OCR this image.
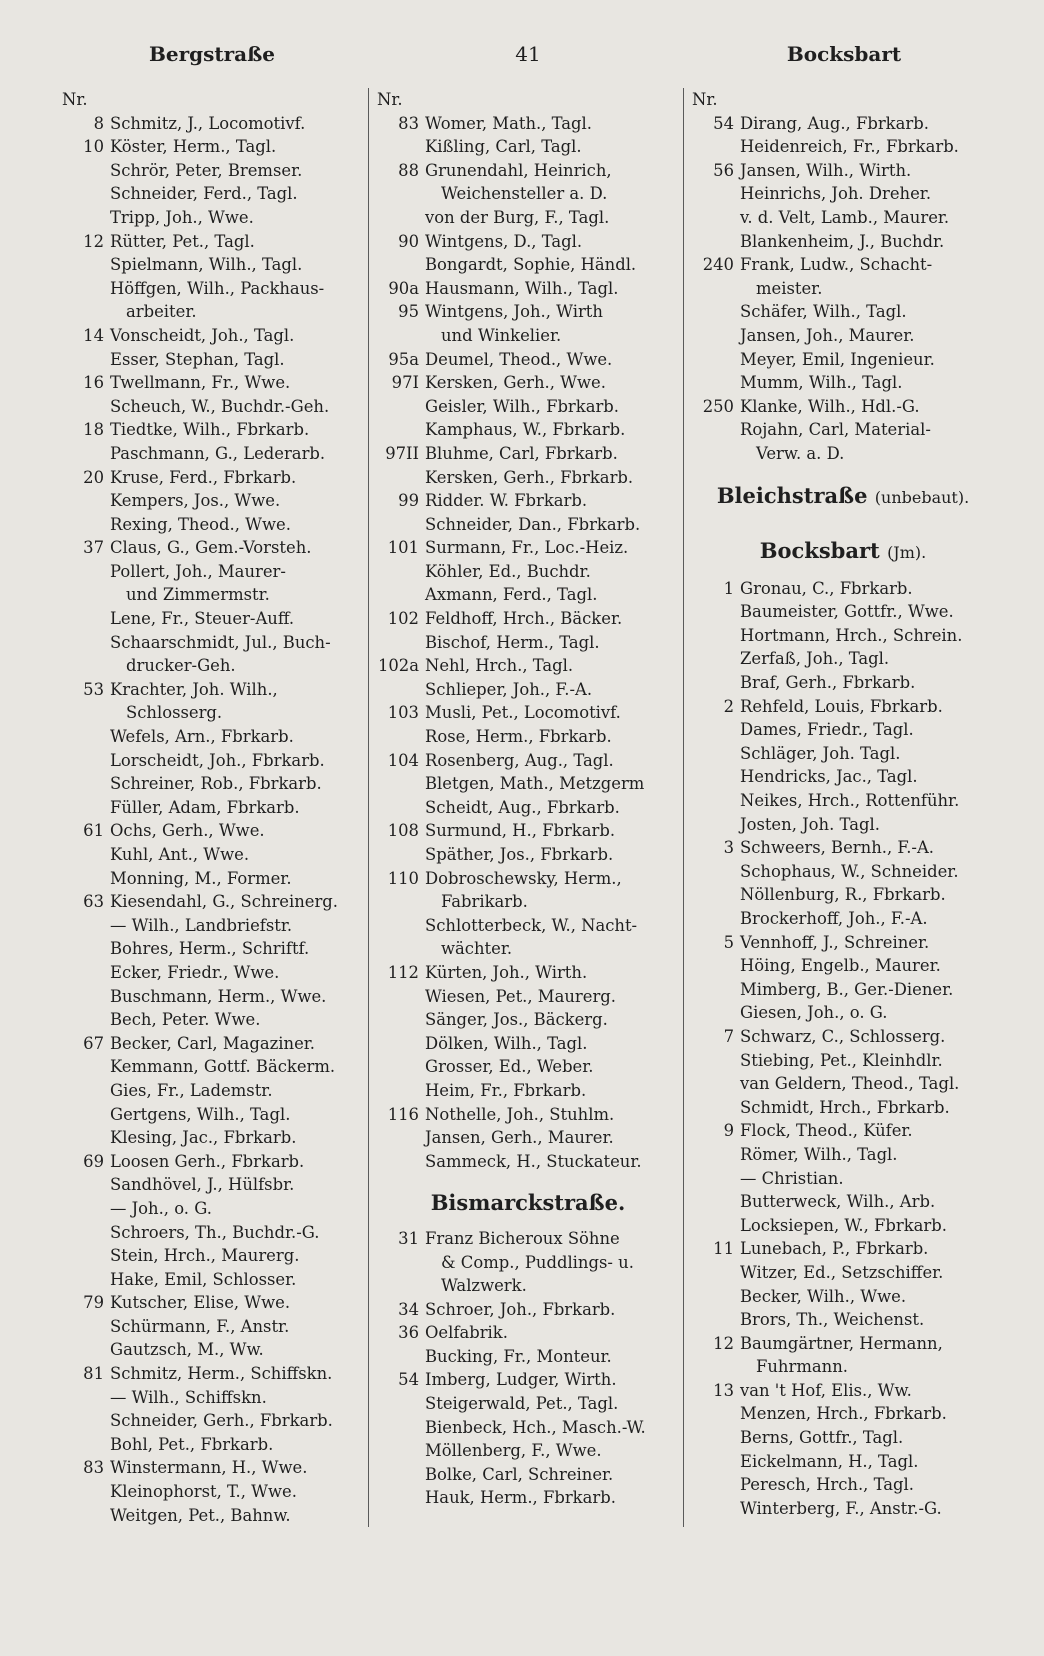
Bergstraße	41	Bocksbart
Nr.
8 Schmitz, J., Locomotivf.
10 Köster, Herm., Tagl.
Schrör, Peter, Bremser.
Schneider, Ferd., Tagl.
Tripp, Joh., Wwe.
12 Rütter, Pet., Tagl.
Spielmann, Wilh., Tagl.
Höffgen, Wilh., Packhaus-
arbeiter.
14 Vonscheidt, Joh., Tagl.
Esser, Stephan, Tagl.
16 Twellmann, Fr., Wwe.
Scheuch, W., Buchdr.-Geh.
18 Tiedtke, Wilh., Fbrkarb.
Paschmann, G., Lederarb.
20 Kruse, Ferd., Fbrkarb.
Kempers, Jos., Wwe.
Rexing, Theod., Wwe.
37 Claus, G., Gem.-Vorsteh.
Pollert, Joh., Maurer-
und Zimmermstr.
Lene, Fr., Steuer-Auff.
Schaarschmidt, Jul., Buch-
drucker-Geh.
53 Krachter, Joh. Wilh.,
Schlosserg.
Wefels, Arn., Fbrkarb.
Lorscheidt, Joh., Fbrkarb.
Schreiner, Rob., Fbrkarb.
Füller, Adam, Fbrkarb.
61 Ochs, Gerh., Wwe.
Kuhl, Ant., Wwe.
Monning, M., Former.
63 Kiesendahl, G., Schreinerg.
— Wilh., Landbriefstr.
Bohres, Herm., Schriftf.
Ecker, Friedr., Wwe.
Buschmann, Herm., Wwe.
Bech, Peter. Wwe.
67 Becker, Carl, Magaziner.
Kemmann, Gottf. Bäckerm.
Gies, Fr., Lademstr.
Gertgens, Wilh., Tagl.
Klesing, Jac., Fbrkarb.
69 Loosen Gerh., Fbrkarb.
Sandhövel, J., Hülfsbr.
— Joh., o. G.
Schroers, Th., Buchdr.-G.
Stein, Hrch., Maurerg.
Hake, Emil, Schlosser.
79 Kutscher, Elise, Wwe.
Schürmann, F., Anstr.
Gautzsch, M., Ww.
81 Schmitz, Herm., Schiffskn.
— Wilh., Schiffskn.
Schneider, Gerh., Fbrkarb.
Bohl, Pet., Fbrkarb.
83 Winstermann, H., Wwe.
Kleinophorst, T., Wwe.
Weitgen, Pet., Bahnw.
Nr.
83 Womer, Math., Tagl.
Kißling, Carl, Tagl.
88 Grunendahl, Heinrich,
Weichensteller a. D.
von der Burg, F., Tagl.
90 Wintgens, D., Tagl.
Bongardt, Sophie, Händl.
90a Hausmann, Wilh., Tagl.
95 Wintgens, Joh., Wirth
und Winkelier.
95a Deumel, Theod., Wwe.
97I Kersken, Gerh., Wwe.
Geisler, Wilh., Fbrkarb.
Kamphaus, W., Fbrkarb.
97II Bluhme, Carl, Fbrkarb.
Kersken, Gerh., Fbrkarb.
99 Ridder. W. Fbrkarb.
Schneider, Dan., Fbrkarb.
101 Surmann, Fr., Loc.-Heiz.
Köhler, Ed., Buchdr.
Axmann, Ferd., Tagl.
102 Feldhoff, Hrch., Bäcker.
Bischof, Herm., Tagl.
102a Nehl, Hrch., Tagl.
Schlieper, Joh., F.-A.
103 Musli, Pet., Locomotivf.
Rose, Herm., Fbrkarb.
104 Rosenberg, Aug., Tagl.
Bletgen, Math., Metzgerm
Scheidt, Aug., Fbrkarb.
108 Surmund, H., Fbrkarb.
Späther, Jos., Fbrkarb.
110 Dobroschewsky, Herm.,
Fabrikarb.
Schlotterbeck, W., Nacht-
wächter.
112 Kürten, Joh., Wirth.
Wiesen, Pet., Maurerg.
Sänger, Jos., Bäckerg.
Dölken, Wilh., Tagl.
Grosser, Ed., Weber.
Heim, Fr., Fbrkarb.
116 Nothelle, Joh., Stuhlm.
Jansen, Gerh., Maurer.
Sammeck, H., Stuckateur.
Bismarckstraße.
31 Franz Bicheroux Söhne
& Comp., Puddlings- u.
Walzwerk.
34 Schroer, Joh., Fbrkarb.
36 Oelfabrik.
Bucking, Fr., Monteur.
54 Imberg, Ludger, Wirth.
Steigerwald, Pet., Tagl.
Bienbeck, Hch., Masch.-W.
Möllenberg, F., Wwe.
Bolke, Carl, Schreiner.
Hauk, Herm., Fbrkarb.
Nr.
54 Dirang, Aug., Fbrkarb.
Heidenreich, Fr., Fbrkarb.
56 Jansen, Wilh., Wirth.
Heinrichs, Joh. Dreher.
v. d. Velt, Lamb., Maurer.
Blankenheim, J., Buchdr.
240 Frank, Ludw., Schacht-
meister.
Schäfer, Wilh., Tagl.
Jansen, Joh., Maurer.
Meyer, Emil, Ingenieur.
Mumm, Wilh., Tagl.
250 Klanke, Wilh., Hdl.-G.
Rojahn, Carl, Material-
Verw. a. D.
Bleichstraße (unbebaut).
Bocksbart (Jm).
1 Gronau, C., Fbrkarb.
Baumeister, Gottfr., Wwe.
Hortmann, Hrch., Schrein.
Zerfaß, Joh., Tagl.
Braf, Gerh., Fbrkarb.
2 Rehfeld, Louis, Fbrkarb.
Dames, Friedr., Tagl.
Schläger, Joh. Tagl.
Hendricks, Jac., Tagl.
Neikes, Hrch., Rottenführ.
Josten, Joh. Tagl.
3 Schweers, Bernh., F.-A.
Schophaus, W., Schneider.
Nöllenburg, R., Fbrkarb.
Brockerhoff, Joh., F.-A.
5 Vennhoff, J., Schreiner.
Höing, Engelb., Maurer.
Mimberg, B., Ger.-Diener.
Giesen, Joh., o. G.
7 Schwarz, C., Schlosserg.
Stiebing, Pet., Kleinhdlr.
van Geldern, Theod., Tagl.
Schmidt, Hrch., Fbrkarb.
9 Flock, Theod., Küfer.
Römer, Wilh., Tagl.
— Christian.
Butterweck, Wilh., Arb.
Locksiepen, W., Fbrkarb.
11 Lunebach, P., Fbrkarb.
Witzer, Ed., Setzschiffer.
Becker, Wilh., Wwe.
Brors, Th., Weichenst.
12 Baumgärtner, Hermann,
Fuhrmann.
13 van 't Hof, Elis., Ww.
Menzen, Hrch., Fbrkarb.
Berns, Gottfr., Tagl.
Eickelmann, H., Tagl.
Peresch, Hrch., Tagl.
Winterberg, F., Anstr.-G.
